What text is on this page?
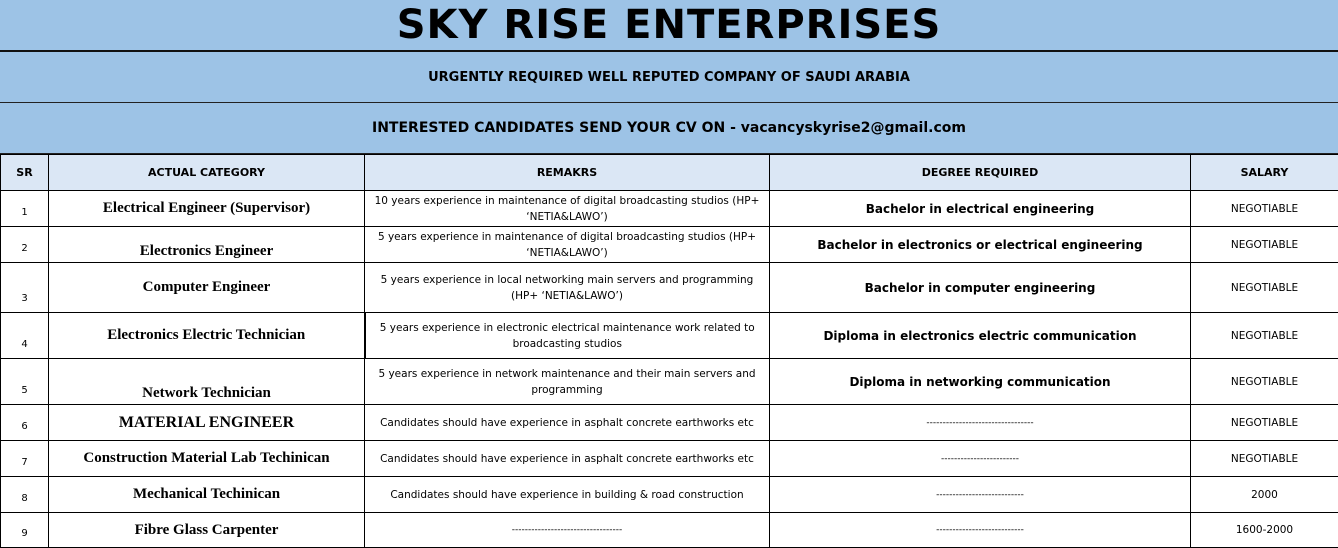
SKY RISE ENTERPRISES
URGENTLY REQUIRED WELL REPUTED COMPANY OF SAUDI ARABIA
INTERESTED CANDIDATES SEND YOUR CV ON - vacancyskyrise2@gmail.com
SR	ACTUAL CATEGORY	REMAKRS	DEGREE REQUIRED	SALARY
1	Electrical Engineer (Supervisor)	10 years experience in maintenance of digital broadcasting studios (HP+ ‘NETIA&LAWO’)	Bachelor in electrical engineering	NEGOTIABLE
2	Electronics Engineer	5 years experience in maintenance of digital broadcasting studios (HP+ ‘NETIA&LAWO’)	Bachelor in electronics or electrical engineering	NEGOTIABLE
3	Computer Engineer	5 years experience in local networking main servers and programming (HP+ ‘NETIA&LAWO’)	Bachelor in computer engineering	NEGOTIABLE
4	Electronics Electric Technician	5 years experience in electronic electrical maintenance work related to broadcasting studios	Diploma in electronics electric communication	NEGOTIABLE
5	Network Technician	5 years experience in network maintenance and their main servers and programming	Diploma in networking communication	NEGOTIABLE
6	MATERIAL ENGINEER	Candidates should have experience in asphalt concrete earthworks etc	---------------------------------	NEGOTIABLE
7	Construction Material Lab Techinican	Candidates should have experience in asphalt concrete earthworks etc	------------------------	NEGOTIABLE
8	Mechanical Techinican	Candidates should have experience in building & road construction	---------------------------	2000
9	Fibre Glass Carpenter	----------------------------------	---------------------------	1600-2000
